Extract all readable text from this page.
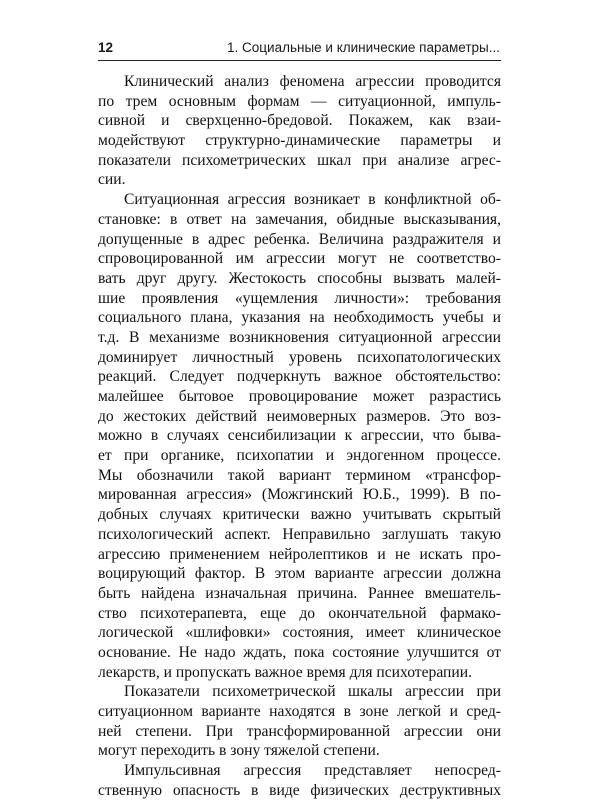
12	1. Социальные и клинические параметры...
Клинический анализ феномена агрессии проводится
по трем основным формам — ситуационной, импуль-
сивной и сверхценно-бредовой. Покажем, как взаи-
модействуют структурно-динамические параметры и
показатели психометрических шкал при анализе агрес-
сии.
Ситуационная агрессия возникает в конфликтной об-
становке: в ответ на замечания, обидные высказывания,
допущенные в адрес ребенка. Величина раздражителя и
спровоцированной им агрессии могут не соответство-
вать друг другу. Жестокость способны вызвать малей-
шие проявления «ущемления личности»: требования
социального плана, указания на необходимость учебы и
т.д. В механизме возникновения ситуационной агрессии
доминирует личностный уровень психопатологических
реакций. Следует подчеркнуть важное обстоятельство:
малейшее бытовое провоцирование может разрастись
до жестоких действий неимоверных размеров. Это воз-
можно в случаях сенсибилизации к агрессии, что быва-
ет при органике, психопатии и эндогенном процессе.
Мы обозначили такой вариант термином «трансфор-
мированная агрессия» (Можгинский Ю.Б., 1999). В по-
добных случаях критически важно учитывать скрытый
психологический аспект. Неправильно заглушать такую
агрессию применением нейролептиков и не искать про-
воцирующий фактор. В этом варианте агрессии должна
быть найдена изначальная причина. Раннее вмешатель-
ство психотерапевта, еще до окончательной фармако-
логической «шлифовки» состояния, имеет клиническое
основание. Не надо ждать, пока состояние улучшится от
лекарств, и пропускать важное время для психотерапии.
Показатели психометрической шкалы агрессии при
ситуационном варианте находятся в зоне легкой и сред-
ней степени. При трансформированной агрессии они
могут переходить в зону тяжелой степени.
Импульсивная агрессия представляет непосред-
ственную опасность в виде физических деструктивных
